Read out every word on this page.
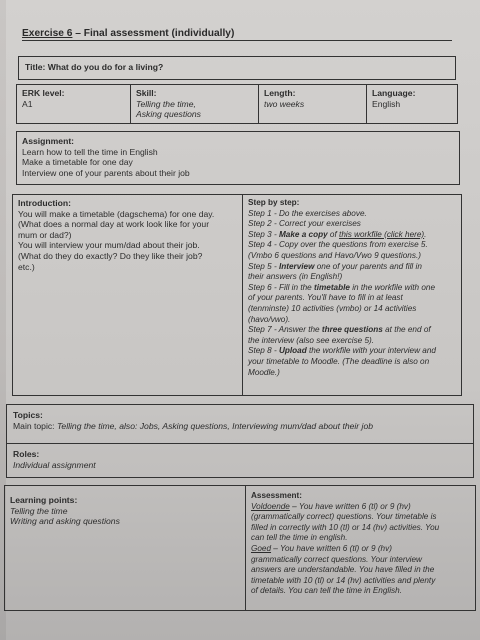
Exercise 6 – Final assessment (individually)
Title: What do you do for a living?
ERK level:
A1
Skill:
Telling the time,
Asking questions
Length:
two weeks
Language:
English
Assignment:
Learn how to tell the time in English
Make a timetable for one day
Interview one of your parents about their job
Introduction:
You will make a timetable (dagschema) for one day.
(What does a normal day at work look like for your
mum or dad?)
You will interview your mum/dad about their job.
(What do they do exactly? Do they like their job?
etc.)
Step by step:
Step 1 - Do the exercises above.
Step 2 - Correct your exercises
Step 3 - Make a copy of this workfile (click here).
Step 4 - Copy over the questions from exercise 5.
(Vmbo 6 questions and Havo/Vwo 9 questions.)
Step 5 - Interview one of your parents and fill in
their answers (in English!)
Step 6 - Fill in the timetable in the workfile with one
of your parents. You'll have to fill in at least
(tenminste) 10 activities (vmbo) or 14 activities
(havo/vwo).
Step 7 - Answer the three questions at the end of
the interview (also see exercise 5).
Step 8 - Upload the workfile with your interview and
your timetable to Moodle. (The deadline is also on
Moodle.)
Topics:
Main topic: Telling the time, also: Jobs, Asking questions, Interviewing mum/dad about their job
Roles:
Individual assignment
Learning points:
Telling the time
Writing and asking questions
Assessment:
Voldoende – You have written 6 (tl) or 9 (hv)
(grammatically correct) questions. Your timetable is
filled in correctly with 10 (tl) or 14 (hv) activities. You
can tell the time in english.
Goed – You have written 6 (tl) or 9 (hv)
grammatically correct questions. Your interview
answers are understandable. You have filled in the
timetable with 10 (tl) or 14 (hv) activities and plenty
of details. You can tell the time in English.
